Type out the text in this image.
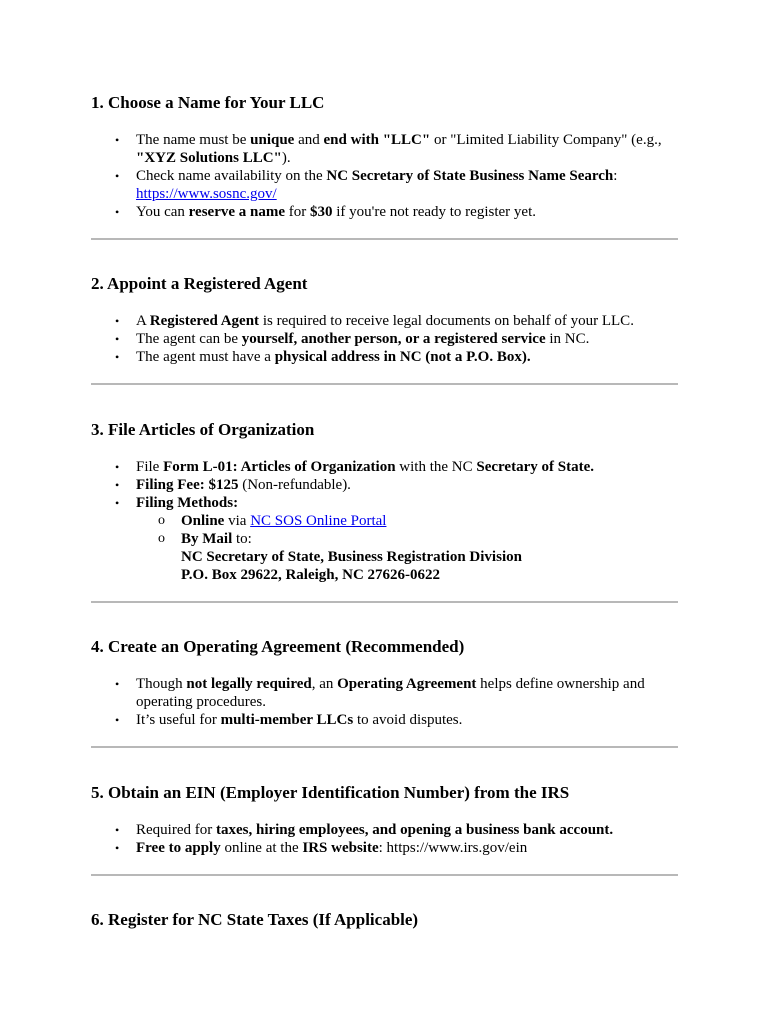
1. Choose a Name for Your LLC
• The name must be unique and end with "LLC" or "Limited Liability Company" (e.g., "XYZ Solutions LLC").
• Check name availability on the NC Secretary of State Business Name Search:
https://www.sosnc.gov/
• You can reserve a name for $30 if you're not ready to register yet.
2. Appoint a Registered Agent
• A Registered Agent is required to receive legal documents on behalf of your LLC.
• The agent can be yourself, another person, or a registered service in NC.
• The agent must have a physical address in NC (not a P.O. Box).
3. File Articles of Organization
• File Form L-01: Articles of Organization with the NC Secretary of State.
• Filing Fee: $125 (Non-refundable).
• Filing Methods:
o Online via NC SOS Online Portal
o By Mail to:
NC Secretary of State, Business Registration Division
P.O. Box 29622, Raleigh, NC 27626-0622
4. Create an Operating Agreement (Recommended)
• Though not legally required, an Operating Agreement helps define ownership and operating procedures.
• It’s useful for multi-member LLCs to avoid disputes.
5. Obtain an EIN (Employer Identification Number) from the IRS
• Required for taxes, hiring employees, and opening a business bank account.
• Free to apply online at the IRS website: https://www.irs.gov/ein
6. Register for NC State Taxes (If Applicable)
